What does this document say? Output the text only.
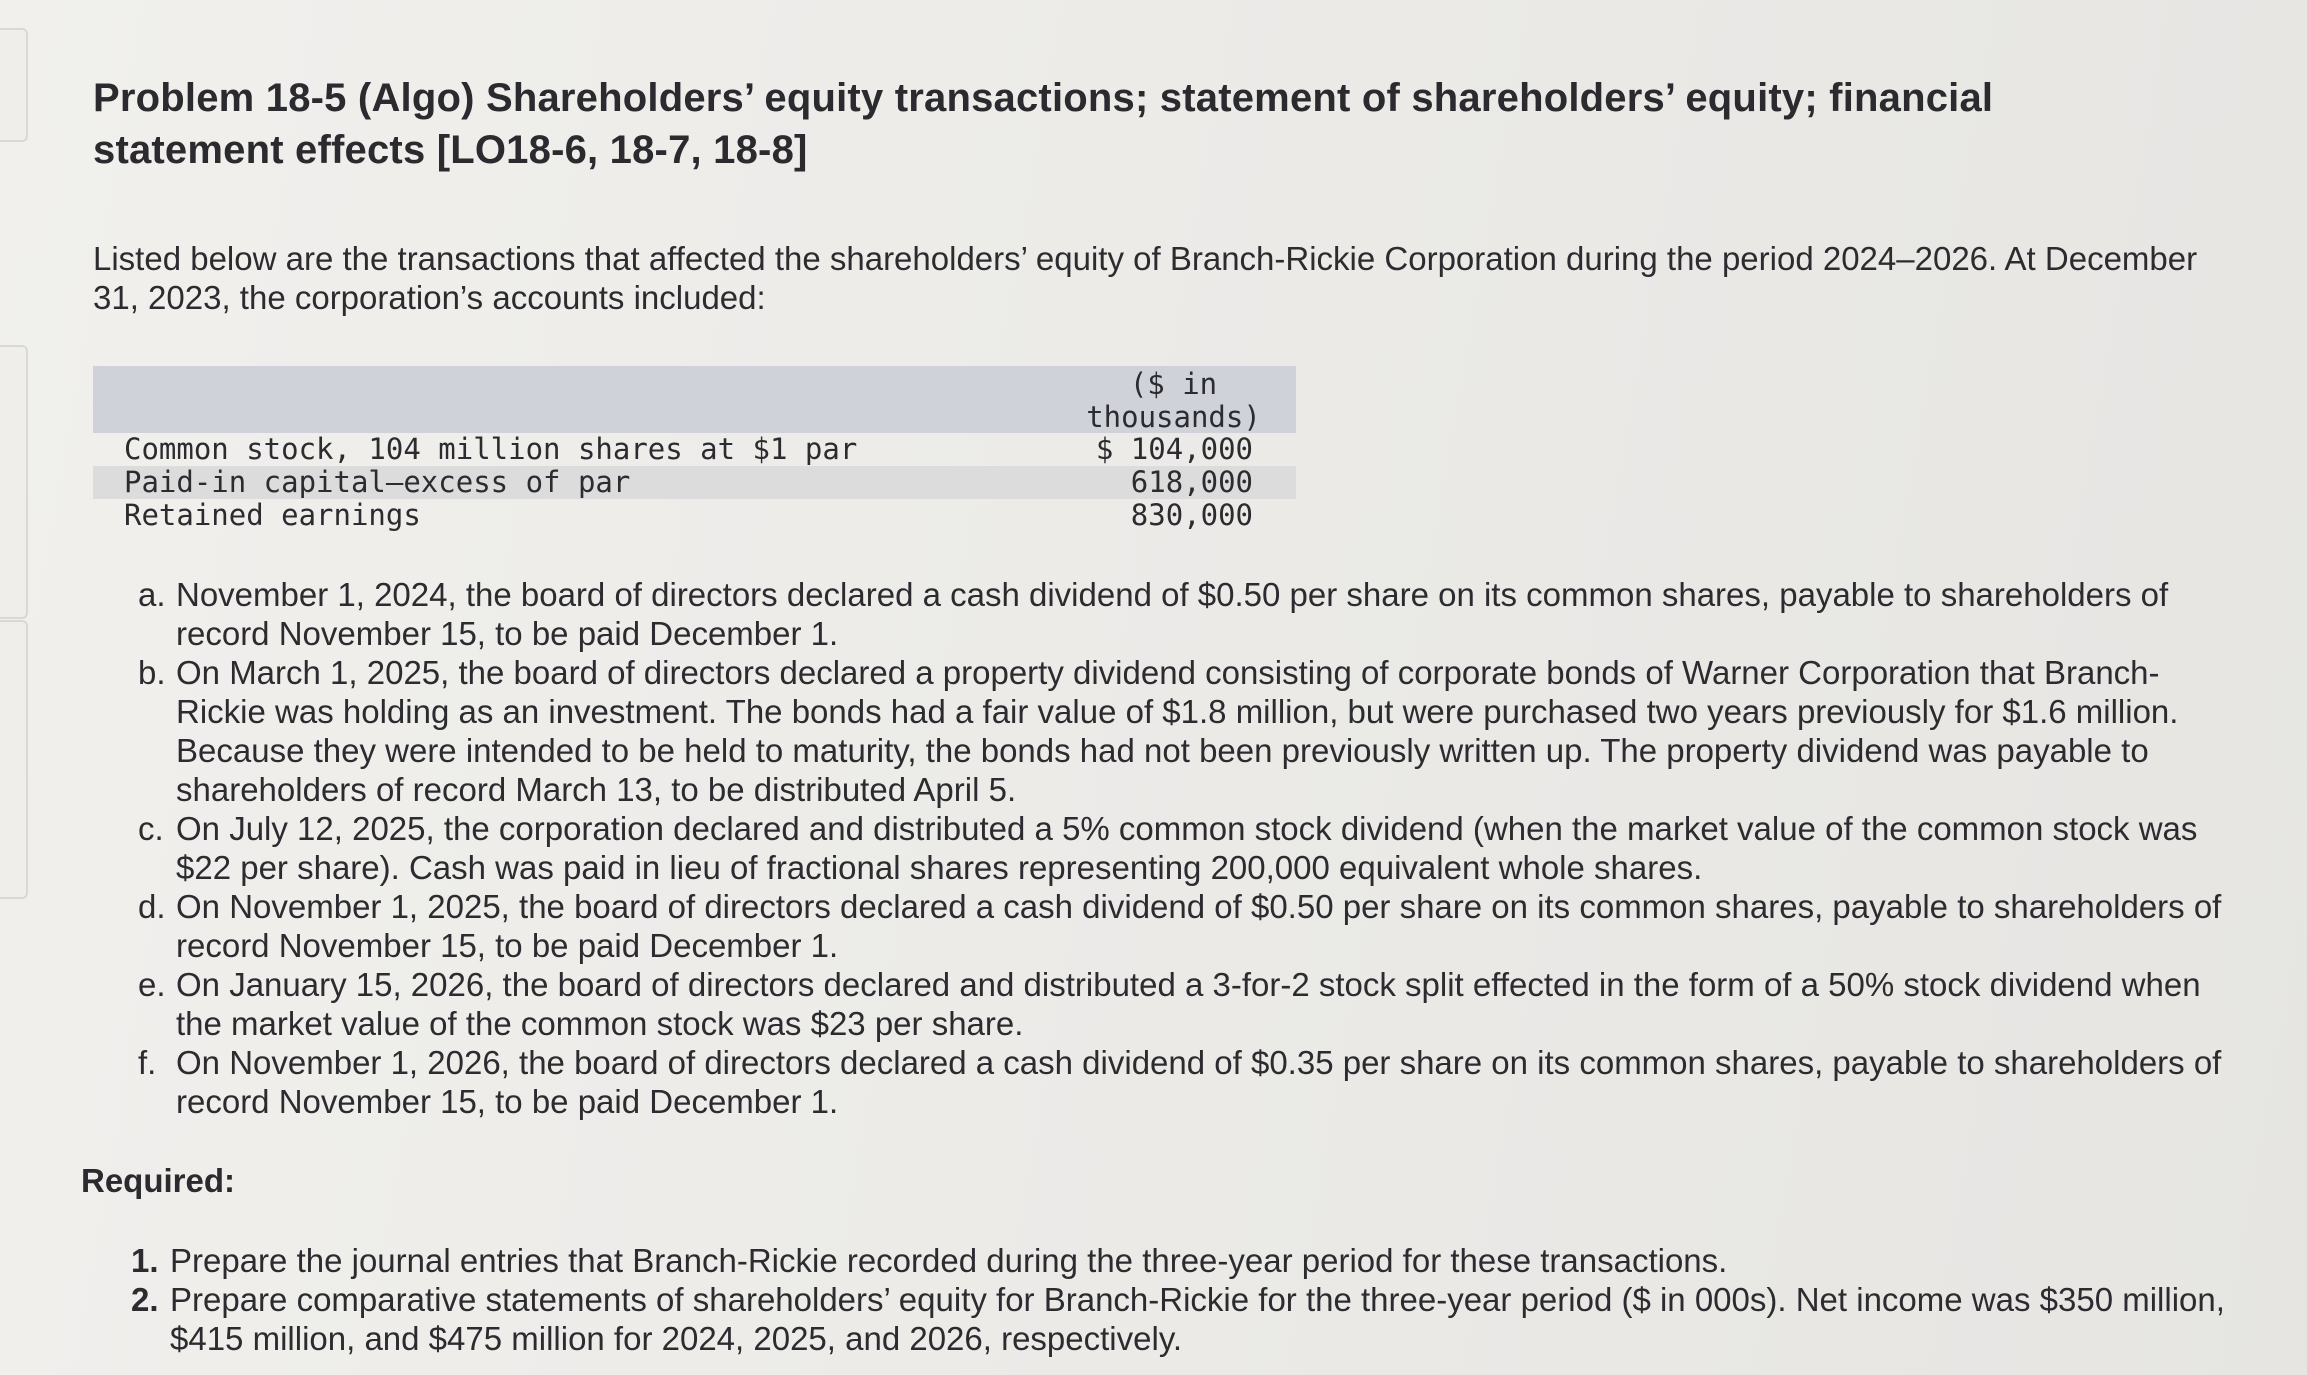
Problem 18-5 (Algo) Shareholders’ equity transactions; statement of shareholders’ equity; financial statement effects [LO18-6, 18-7, 18-8]

Listed below are the transactions that affected the shareholders’ equity of Branch-Rickie Corporation during the period 2024–2026. At December 31, 2023, the corporation’s accounts included:

($ in
thousands)
Common stock, 104 million shares at $1 par	$ 104,000
Paid-in capital—excess of par	618,000
Retained earnings	830,000
a. November 1, 2024, the board of directors declared a cash dividend of $0.50 per share on its common shares, payable to shareholders of record November 15, to be paid December 1.
b. On March 1, 2025, the board of directors declared a property dividend consisting of corporate bonds of Warner Corporation that Branch-Rickie was holding as an investment. The bonds had a fair value of $1.8 million, but were purchased two years previously for $1.6 million. Because they were intended to be held to maturity, the bonds had not been previously written up. The property dividend was payable to shareholders of record March 13, to be distributed April 5.
c. On July 12, 2025, the corporation declared and distributed a 5% common stock dividend (when the market value of the common stock was $22 per share). Cash was paid in lieu of fractional shares representing 200,000 equivalent whole shares.
d. On November 1, 2025, the board of directors declared a cash dividend of $0.50 per share on its common shares, payable to shareholders of record November 15, to be paid December 1.
e. On January 15, 2026, the board of directors declared and distributed a 3-for-2 stock split effected in the form of a 50% stock dividend when the market value of the common stock was $23 per share.
f. On November 1, 2026, the board of directors declared a cash dividend of $0.35 per share on its common shares, payable to shareholders of record November 15, to be paid December 1.
Required:
1. Prepare the journal entries that Branch-Rickie recorded during the three-year period for these transactions.
2. Prepare comparative statements of shareholders’ equity for Branch-Rickie for the three-year period ($ in 000s). Net income was $350 million, $415 million, and $475 million for 2024, 2025, and 2026, respectively.
